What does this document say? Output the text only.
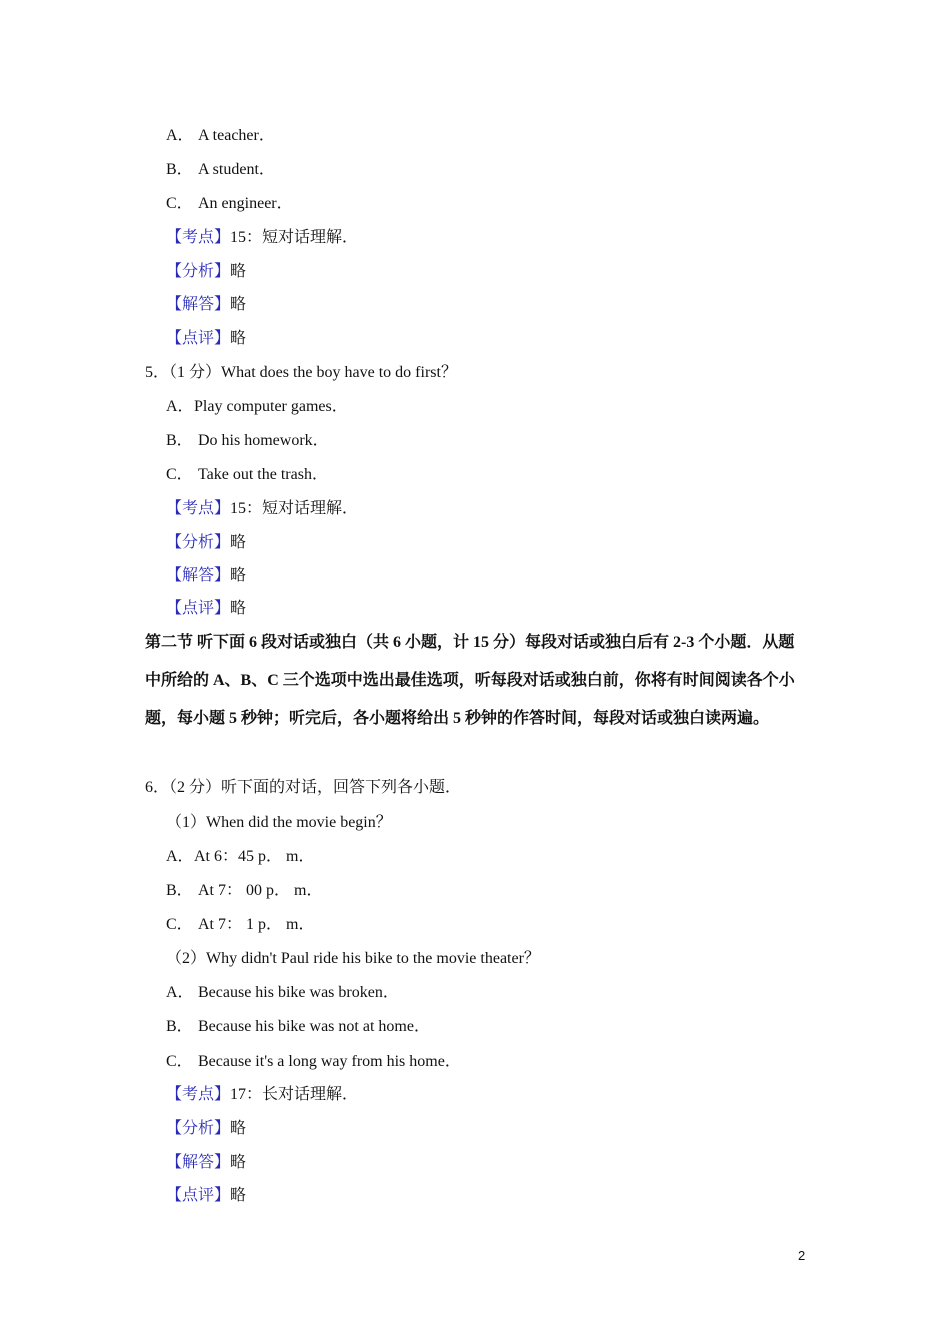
A． A teacher．
B． A student．
C． An engineer．
【考点】15：短对话理解．
【分析】略
【解答】略
【点评】略
5．（1 分）What does the boy have to do first？
A．Play computer games．
B． Do his homework．
C． Take out the trash．
【考点】15：短对话理解．
【分析】略
【解答】略
【点评】略
第二节 听下面 6 段对话或独白（共 6 小题，计 15 分）每段对话或独白后有 2-3 个小题．从题中所给的 A、B、C 三个选项中选出最佳选项，听每段对话或独白前，你将有时间阅读各个小题，每小题 5 秒钟；听完后，各小题将给出 5 秒钟的作答时间，每段对话或独白读两遍。
6．（2 分）听下面的对话，回答下列各小题．
（1）When did the movie begin？
A．At 6：45 p． m．
B． At 7： 00 p． m．
C． At 7： 1 p． m．
（2）Why didn't Paul ride his bike to the movie theater？
A． Because his bike was broken．
B． Because his bike was not at home．
C． Because it's a long way from his home．
【考点】17：长对话理解．
【分析】略
【解答】略
【点评】略
2
